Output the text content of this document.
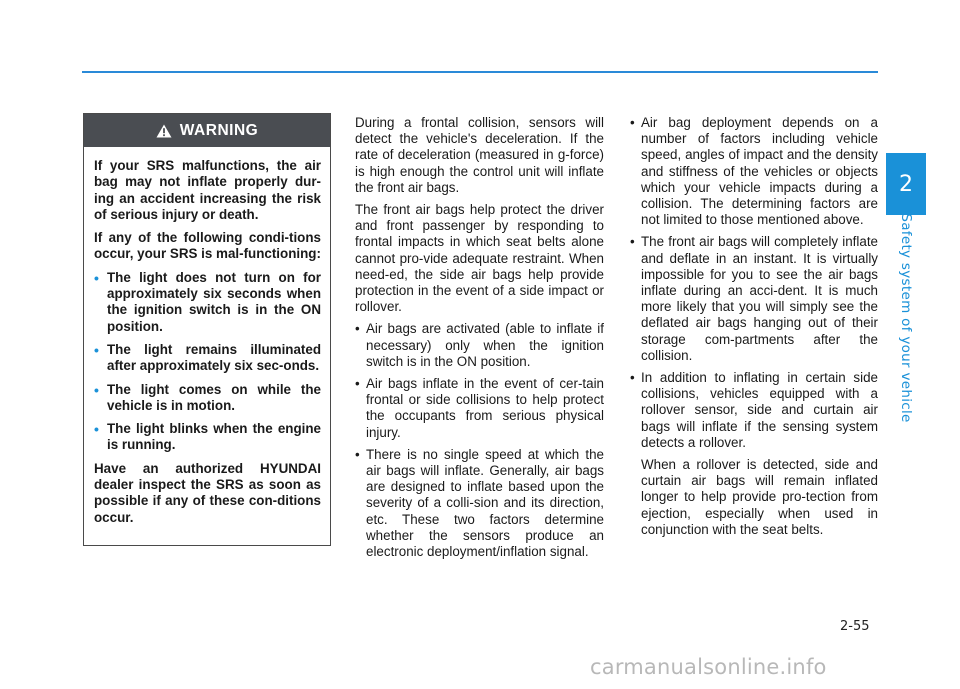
2
Safety system of your vehicle
WARNING

If your SRS malfunctions, the air bag may not inflate properly dur-ing an accident increasing the risk of serious injury or death.

If any of the following condi-tions occur, your SRS is mal-functioning:

• The light does not turn on for approximately six seconds when the ignition switch is in the ON position.
• The light remains illuminated after approximately six sec-onds.
• The light comes on while the vehicle is in motion.
• The light blinks when the engine is running.

Have an authorized HYUNDAI dealer inspect the SRS as soon as possible if any of these con-ditions occur.

During a frontal collision, sensors will detect the vehicle's deceleration. If the rate of deceleration (measured in g-force) is high enough the control unit will inflate the front air bags.

The front air bags help protect the driver and front passenger by responding to frontal impacts in which seat belts alone cannot pro-vide adequate restraint. When need-ed, the side air bags help provide protection in the event of a side impact or rollover.

• Air bags are activated (able to inflate if necessary) only when the ignition switch is in the ON position.
• Air bags inflate in the event of cer-tain frontal or side collisions to help protect the occupants from serious physical injury.
• There is no single speed at which the air bags will inflate. Generally, air bags are designed to inflate based upon the severity of a colli-sion and its direction, etc. These two factors determine whether the sensors produce an electronic deployment/inflation signal.
• Air bag deployment depends on a number of factors including vehicle speed, angles of impact and the density and stiffness of the vehicles or objects which your vehicle impacts during a collision. The determining factors are not limited to those mentioned above.
• The front air bags will completely inflate and deflate in an instant. It is virtually impossible for you to see the air bags inflate during an acci-dent. It is much more likely that you will simply see the deflated air bags hanging out of their storage com-partments after the collision.
• In addition to inflating in certain side collisions, vehicles equipped with a rollover sensor, side and curtain air bags will inflate if the sensing system detects a rollover.

When a rollover is detected, side and curtain air bags will remain inflated longer to help provide pro-tection from ejection, especially when used in conjunction with the seat belts.

2-55
carmanualsonline.info
